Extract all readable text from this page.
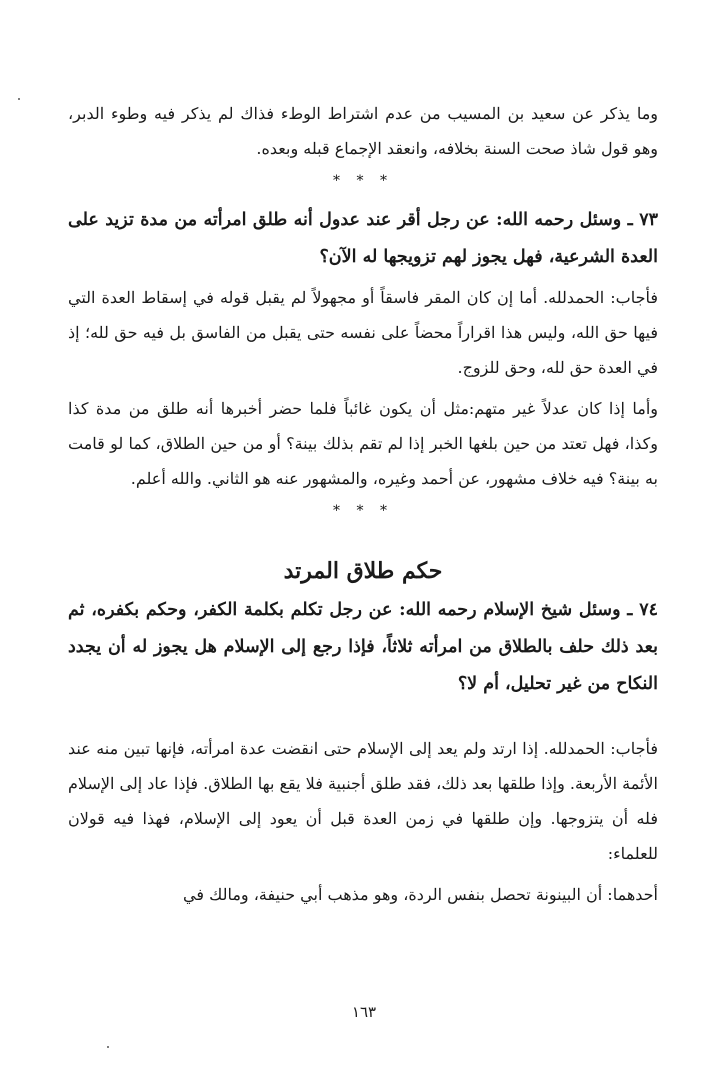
وما يذكر عن سعيد بن المسيب من عدم اشتراط الوطء فذاك لم يذكر فيه وطوء الدبر، وهو قول شاذ صحت السنة بخلافه، وانعقد الإجماع قبله وبعده.

* * *

٧٣ ـ وسئل رحمه الله: عن رجل أقر عند عدول أنه طلق امرأته من مدة تزيد على العدة الشرعية، فهل يجوز لهم تزويجها له الآن؟

فأجاب: الحمدلله. أما إن كان المقر فاسقاً أو مجهولاً لم يقبل قوله في إسقاط العدة التي فيها حق الله، وليس هذا اقراراً محضاً على نفسه حتى يقبل من الفاسق بل فيه حق لله؛ إذ في العدة حق لله، وحق للزوج.

وأما إذا كان عدلاً غير متهم:مثل أن يكون غائباً فلما حضر أخبرها أنه طلق من مدة كذا وكذا، فهل تعتد من حين بلغها الخبر إذا لم تقم بذلك بينة؟ أو من حين الطلاق، كما لو قامت به بينة؟ فيه خلاف مشهور، عن أحمد وغيره، والمشهور عنه هو الثاني. والله أعلم.

* * *
حكم طلاق المرتد

٧٤ ـ وسئل شيخ الإسلام رحمه الله: عن رجل تكلم بكلمة الكفر، وحكم بكفره، ثم بعد ذلك حلف بالطلاق من امرأته ثلاثاً، فإذا رجع إلى الإسلام هل يجوز له أن يجدد النكاح من غير تحليل، أم لا؟

فأجاب: الحمدلله. إذا ارتد ولم يعد إلى الإسلام حتى انقضت عدة امرأته، فإنها تبين منه عند الأئمة الأربعة. وإذا طلقها بعد ذلك، فقد طلق أجنبية فلا يقع بها الطلاق. فإذا عاد إلى الإسلام فله أن يتزوجها. وإن طلقها في زمن العدة قبل أن يعود إلى الإسلام، فهذا فيه قولان للعلماء:

أحدهما: أن البينونة تحصل بنفس الردة، وهو مذهب أبي حنيفة، ومالك في

١٦٣
